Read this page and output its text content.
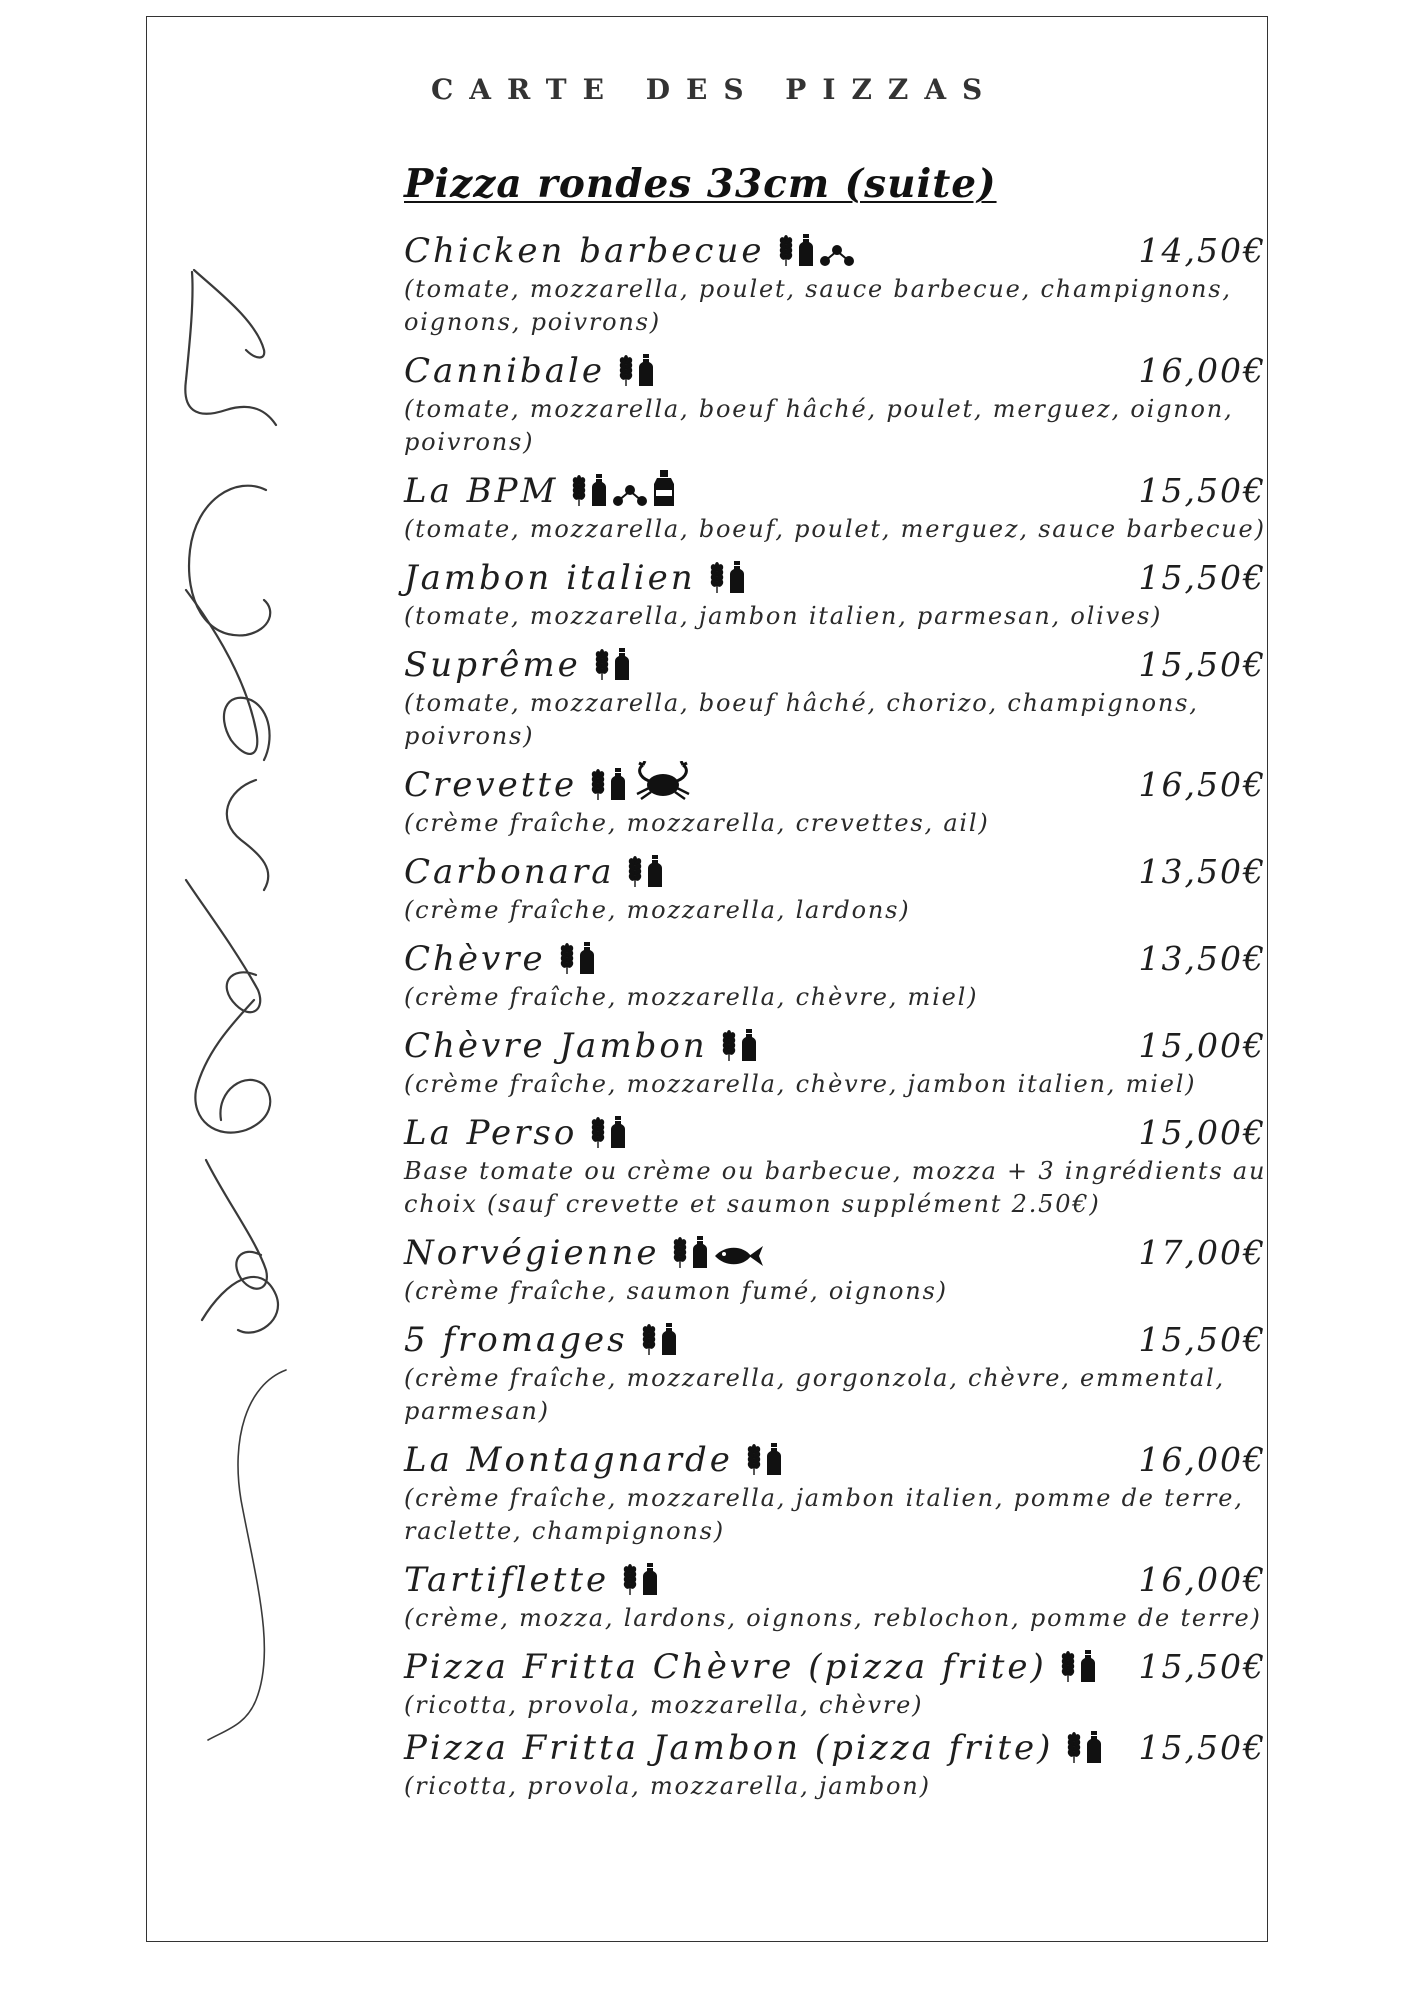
CARTE DES PIZZAS
Pizza rondes 33cm (suite)
Chicken barbecue	14,50€
(tomate, mozzarella, poulet, sauce barbecue, champignons, oignons, poivrons)
Cannibale	16,00€
(tomate, mozzarella, boeuf hâché, poulet, merguez, oignon, poivrons)
La BPM	15,50€
(tomate, mozzarella, boeuf, poulet, merguez, sauce barbecue)
Jambon italien	15,50€
(tomate, mozzarella, jambon italien, parmesan, olives)
Suprême	15,50€
(tomate, mozzarella, boeuf hâché, chorizo, champignons, poivrons)
Crevette	16,50€
(crème fraîche, mozzarella, crevettes, ail)
Carbonara	13,50€
(crème fraîche, mozzarella, lardons)
Chèvre	13,50€
(crème fraîche, mozzarella, chèvre, miel)
Chèvre Jambon	15,00€
(crème fraîche, mozzarella, chèvre, jambon italien, miel)
La Perso	15,00€
Base tomate ou crème ou barbecue, mozza + 3 ingrédients au choix (sauf crevette et saumon supplément 2.50€)
Norvégienne	17,00€
(crème fraîche, saumon fumé, oignons)
5 fromages	15,50€
(crème fraîche, mozzarella, gorgonzola, chèvre, emmental, parmesan)
La Montagnarde	16,00€
(crème fraîche, mozzarella, jambon italien, pomme de terre, raclette, champignons)
Tartiflette	16,00€
(crème, mozza, lardons, oignons, reblochon, pomme de terre)
Pizza Fritta Chèvre (pizza frite)	15,50€
(ricotta, provola, mozzarella, chèvre)
Pizza Fritta Jambon (pizza frite)	15,50€
(ricotta, provola, mozzarella, jambon)
